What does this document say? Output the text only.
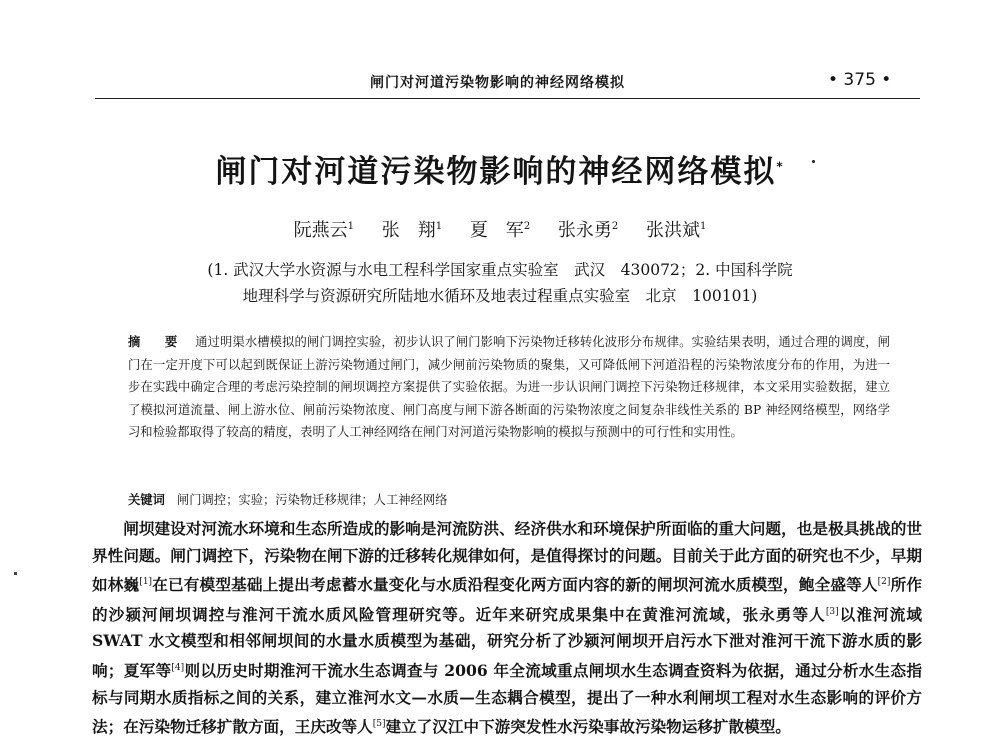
闸门对河道污染物影响的神经网络模拟	• 375 •
闸门对河道污染物影响的神经网络模拟*
阮燕云$^1$ 张　翔$^1$ 夏　军$^2$ 张永勇$^2$ 张洪斌$^1$
(1. 武汉大学水资源与水电工程科学国家重点实验室　武汉　430072；2. 中国科学院
地理科学与资源研究所陆地水循环及地表过程重点实验室　北京　100101)
摘　要 通过明渠水槽模拟的闸门调控实验，初步认识了闸门影响下污染物迁移转化波形分布规律。实验结果表明，通过合理的调度，闸门在一定开度下可以起到既保证上游污染物通过闸门，减少闸前污染物质的聚集，又可降低闸下河道沿程的污染物浓度分布的作用，为进一步在实践中确定合理的考虑污染控制的闸坝调控方案提供了实验依据。为进一步认识闸门调控下污染物迁移规律，本文采用实验数据，建立了模拟河道流量、闸上游水位、闸前污染物浓度、闸门高度与闸下游各断面的污染物浓度之间复杂非线性关系的 BP 神经网络模型，网络学习和检验都取得了较高的精度，表明了人工神经网络在闸门对河道污染物影响的模拟与预测中的可行性和实用性。
关键词 闸门调控；实验；污染物迁移规律；人工神经网络

闸坝建设对河流水环境和生态所造成的影响是河流防洪、经济供水和环境保护所面临的重大问题，也是极具挑战的世界性问题。闸门调控下，污染物在闸下游的迁移转化规律如何，是值得探讨的问题。目前关于此方面的研究也不少，早期如林巍[1]在已有模型基础上提出考虑蓄水量变化与水质沿程变化两方面内容的新的闸坝河流水质模型，鲍全盛等人[2]所作的沙颍河闸坝调控与淮河干流水质风险管理研究等。近年来研究成果集中在黄淮河流域，张永勇等人[3]以淮河流域 SWAT 水文模型和相邻闸坝间的水量水质模型为基础，研究分析了沙颍河闸坝开启污水下泄对淮河干流下游水质的影响；夏军等[4]则以历史时期淮河干流水生态调查与 2006 年全流域重点闸坝水生态调查资料为依据，通过分析水生态指标与同期水质指标之间的关系，建立淮河水文—水质—生态耦合模型，提出了一种水利闸坝工程对水生态影响的评价方法；在污染物迁移扩散方面，王庆改等人[5]建立了汉江中下游突发性水污染事故污染物运移扩散模型。
